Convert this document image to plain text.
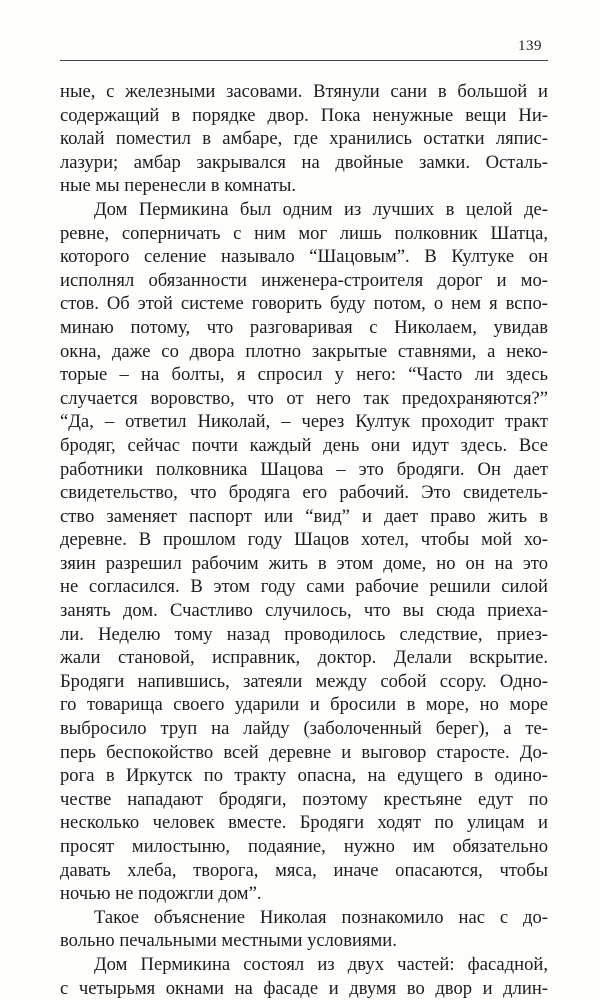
139
ные, с железными засовами. Втянули сани в большой и
содержащий в порядке двор. Пока ненужные вещи Ни-
колай поместил в амбаре, где хранились остатки ляпис-
лазури; амбар закрывался на двойные замки. Осталь-
ные мы перенесли в комнаты.
Дом Пермикина был одним из лучших в целой де-
ревне, соперничать с ним мог лишь полковник Шатца,
которого селение называло “Шацовым”. В Култуке он
исполнял обязанности инженера-строителя дорог и мо-
стов. Об этой системе говорить буду потом, о нем я вспо-
минаю потому, что разговаривая с Николаем, увидав
окна, даже со двора плотно закрытые ставнями, а неко-
торые – на болты, я спросил у него: “Часто ли здесь
случается воровство, что от него так предохраняются?”
“Да, – ответил Николай, – через Култук проходит тракт
бродяг, сейчас почти каждый день они идут здесь. Все
работники полковника Шацова – это бродяги. Он дает
свидетельство, что бродяга его рабочий. Это свидетель-
ство заменяет паспорт или “вид” и дает право жить в
деревне. В прошлом году Шацов хотел, чтобы мой хо-
зяин разрешил рабочим жить в этом доме, но он на это
не согласился. В этом году сами рабочие решили силой
занять дом. Счастливо случилось, что вы сюда приеха-
ли. Неделю тому назад проводилось следствие, приез-
жали становой, исправник, доктор. Делали вскрытие.
Бродяги напившись, затеяли между собой ссору. Одно-
го товарища своего ударили и бросили в море, но море
выбросило труп на лайду (заболоченный берег), а те-
перь беспокойство всей деревне и выговор старосте. До-
рога в Иркутск по тракту опасна, на едущего в одино-
честве нападают бродяги, поэтому крестьяне едут по
несколько человек вместе. Бродяги ходят по улицам и
просят милостыню, подаяние, нужно им обязательно
давать хлеба, творога, мяса, иначе опасаются, чтобы
ночью не подожгли дом”.
Такое объяснение Николая познакомило нас с до-
вольно печальными местными условиями.
Дом Пермикина состоял из двух частей: фасадной,
с четырьмя окнами на фасаде и двумя во двор и длин-
